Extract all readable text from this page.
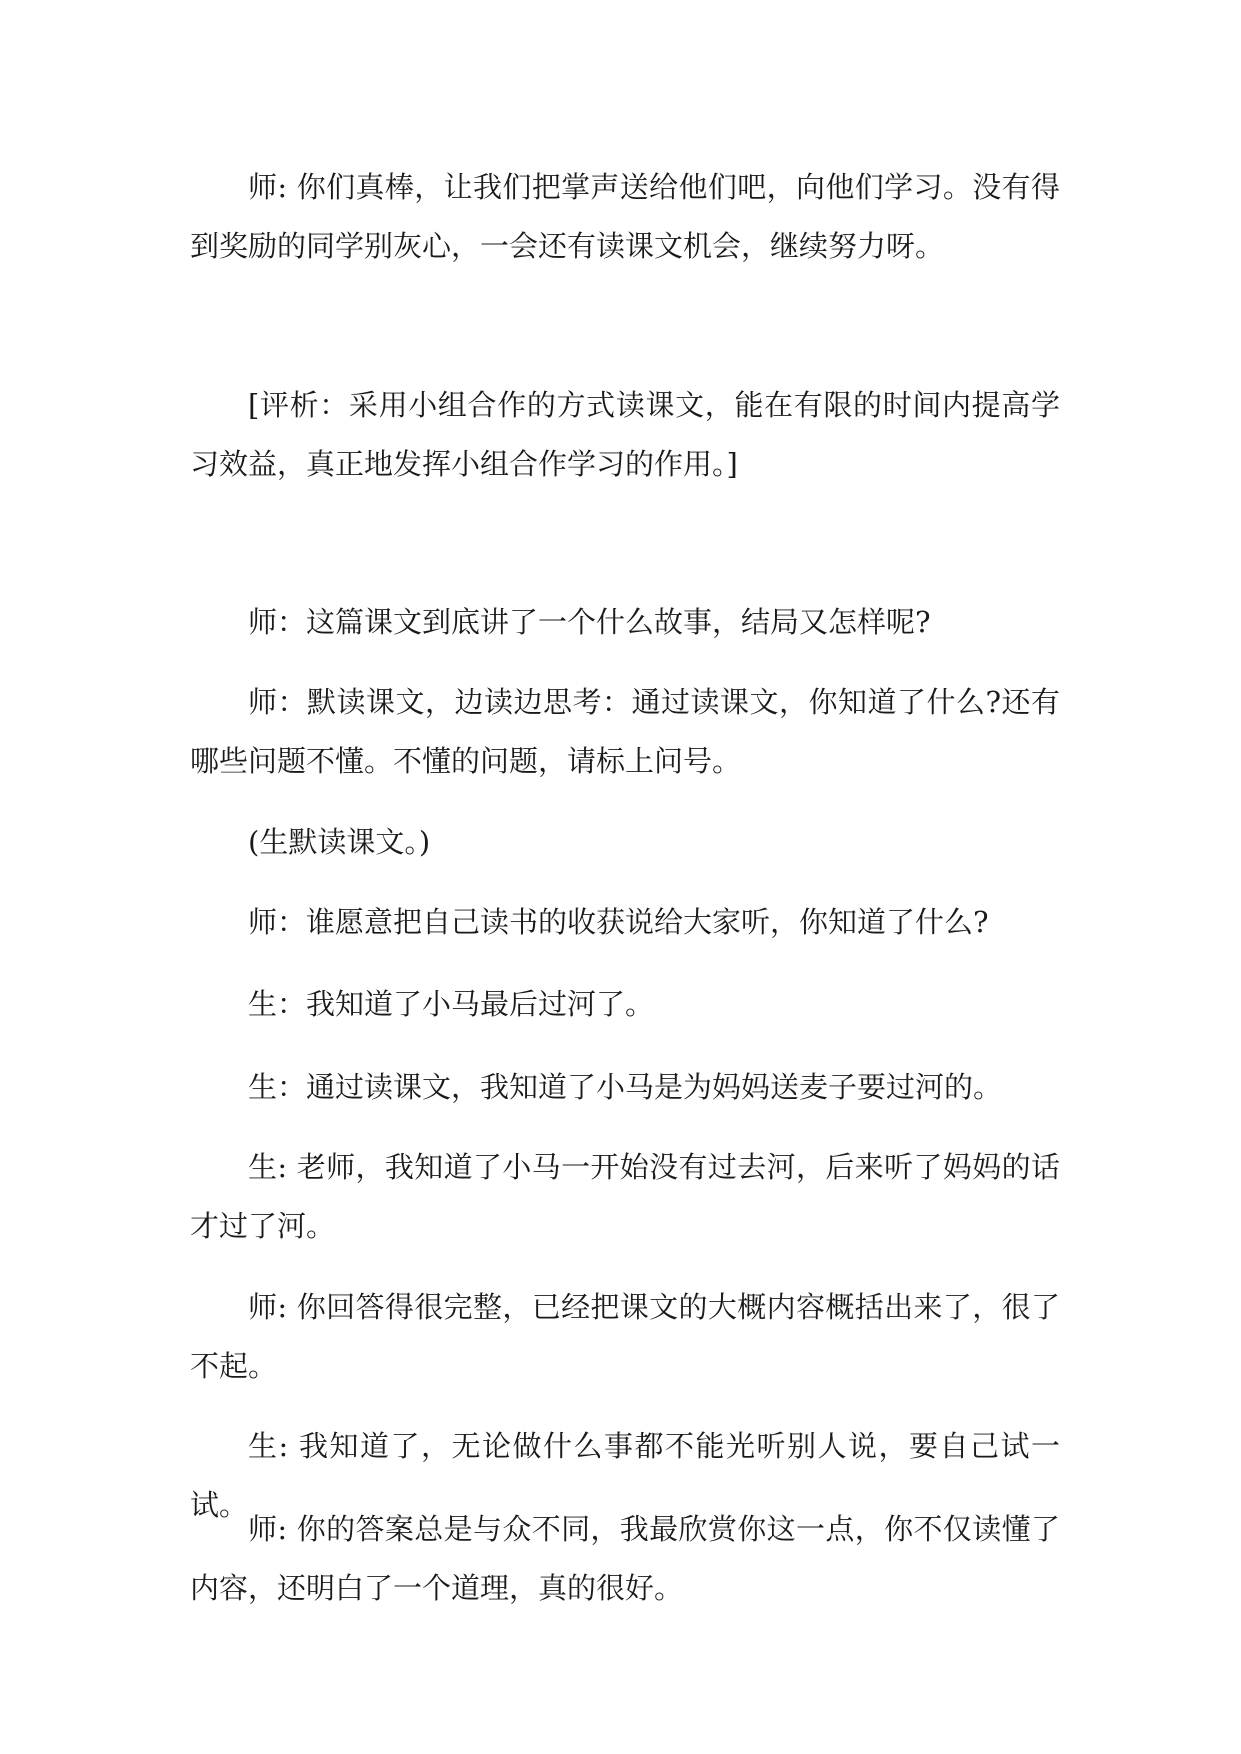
师: 你们真棒，让我们把掌声送给他们吧，向他们学习。没有得到奖励的同学别灰心，一会还有读课文机会，继续努力呀。

[评析：采用小组合作的方式读课文，能在有限的时间内提高学习效益，真正地发挥小组合作学习的作用。]

师：这篇课文到底讲了一个什么故事，结局又怎样呢?

师：默读课文，边读边思考：通过读课文，你知道了什么?还有哪些问题不懂。不懂的问题，请标上问号。

(生默读课文。)

师：谁愿意把自己读书的收获说给大家听，你知道了什么?

生：我知道了小马最后过河了。

生：通过读课文，我知道了小马是为妈妈送麦子要过河的。

生: 老师，我知道了小马一开始没有过去河，后来听了妈妈的话才过了河。

师: 你回答得很完整，已经把课文的大概内容概括出来了，很了不起。

生: 我知道了，无论做什么事都不能光听别人说，要自己试一试。

师: 你的答案总是与众不同，我最欣赏你这一点，你不仅读懂了内容，还明白了一个道理，真的很好。
